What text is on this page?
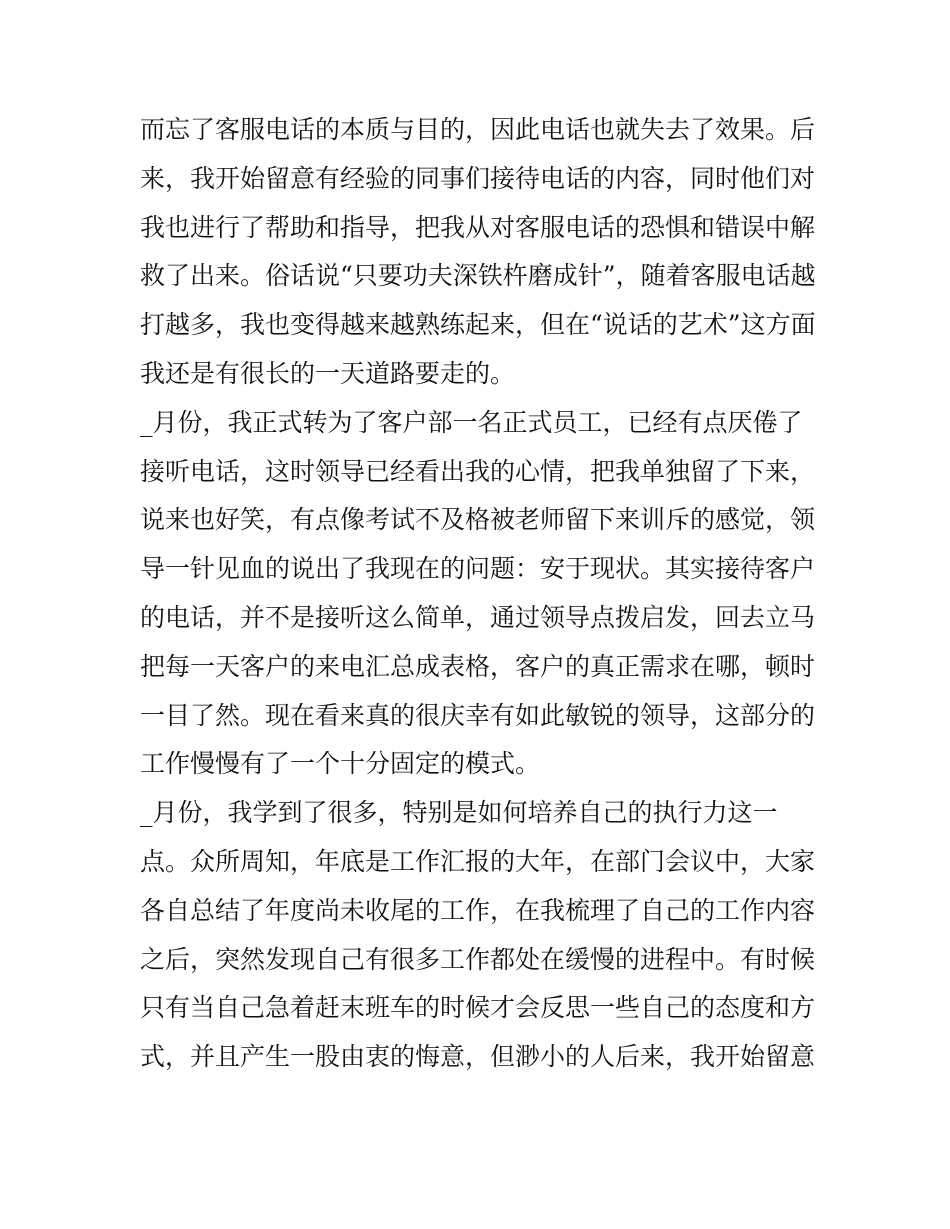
而忘了客服电话的本质与目的，因此电话也就失去了效果。后
来，我开始留意有经验的同事们接待电话的内容，同时他们对
我也进行了帮助和指导，把我从对客服电话的恐惧和错误中解
救了出来。俗话说“只要功夫深铁杵磨成针”，随着客服电话越
打越多，我也变得越来越熟练起来，但在“说话的艺术”这方面
我还是有很长的一天道路要走的。
_月份，我正式转为了客户部一名正式员工，已经有点厌倦了
接听电话，这时领导已经看出我的心情，把我单独留了下来，
说来也好笑，有点像考试不及格被老师留下来训斥的感觉，领
导一针见血的说出了我现在的问题：安于现状。其实接待客户
的电话，并不是接听这么简单，通过领导点拨启发，回去立马
把每一天客户的来电汇总成表格，客户的真正需求在哪，顿时
一目了然。现在看来真的很庆幸有如此敏锐的领导，这部分的
工作慢慢有了一个十分固定的模式。
_月份，我学到了很多，特别是如何培养自己的执行力这一
点。众所周知，年底是工作汇报的大年，在部门会议中，大家
各自总结了年度尚未收尾的工作，在我梳理了自己的工作内容
之后，突然发现自己有很多工作都处在缓慢的进程中。有时候
只有当自己急着赶末班车的时候才会反思一些自己的态度和方
式，并且产生一股由衷的悔意，但渺小的人后来，我开始留意
